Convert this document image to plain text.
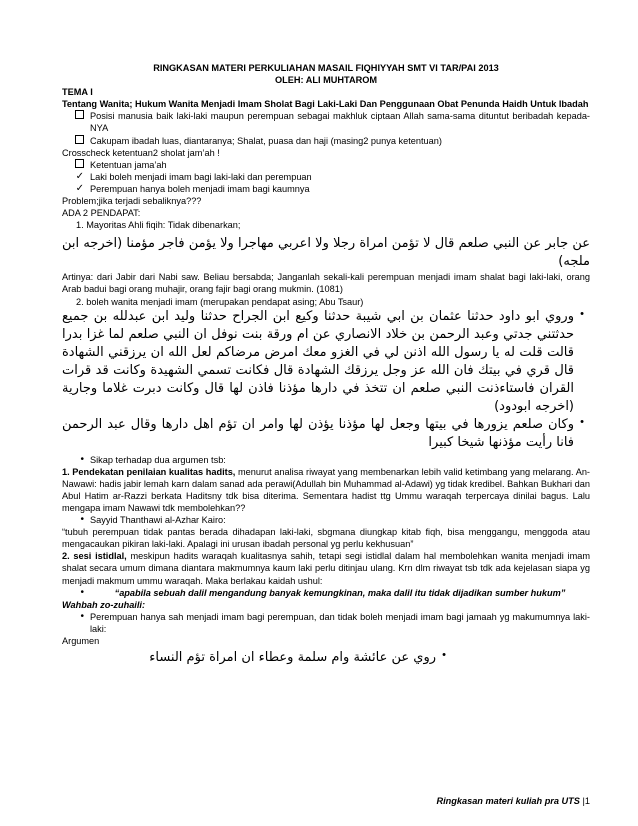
RINGKASAN MATERI PERKULIAHAN MASAIL FIQHIYYAH SMT VI TAR/PAI 2013
OLEH: ALI MUHTAROM
TEMA I
Tentang Wanita; Hukum Wanita Menjadi Imam Sholat Bagi Laki-Laki Dan Penggunaan Obat Penunda Haidh Untuk Ibadah
Posisi manusia baik laki-laki maupun perempuan sebagai makhluk ciptaan Allah sama-sama dituntut beribadah kepada-NYA
Cakupam ibadah luas, diantaranya; Shalat, puasa dan haji (masing2 punya ketentuan)
Crosscheck ketentuan2 sholat jam’ah !
Ketentuan jama’ah
✓ Laki boleh menjadi imam bagi laki-laki dan perempuan
✓ Perempuan hanya boleh menjadi imam bagi kaumnya
Problem;jika terjadi sebaliknya???
ADA 2 PENDAPAT:
1. Mayoritas Ahli fiqih: Tidak dibenarkan;
عن جابر عن النبي صلعم قال لا تؤمن امراة رجلا ولا اعربي مهاجرا ولا يؤمن فاجر مؤمنا (اخرجه ابن ملجه)
Artinya: dari Jabir dari Nabi saw. Beliau bersabda; Janganlah sekali-kali perempuan menjadi imam shalat bagi laki-laki, orang Arab badui bagi orang muhajir, orang fajir bagi orang mukmin. (1081)
2. boleh wanita menjadi imam (merupakan pendapat asing; Abu Tsaur)
•
وروي ابو داود حدثنا عثمان بن ابي شيبة حدثنا وكيع ابن الجراح حدثنا وليد ابن عبدلله بن جميع حدثتني جدتي وعبد الرحمن بن خلاد الانصاري عن ام ورقة بنت نوفل ان النبي صلعم لما غزا بدرا قالت قلت له يا رسول الله اذنن لي في الغزو معك امرض مرضاكم لعل الله ان يرزقني الشهادة قال قري في بيتك فان الله عز وجل يرزقك الشهادة قال فكانت تسمي الشهيدة وكانت قد قرات القران فاستاءذنت النبي صلعم ان تتخذ في دارها مؤذنا فاذن لها قال وكانت دبرت غلاما وجارية (اخرجه ابودود)
•
وكان صلعم يزورها في بيتها وجعل لها مؤذنا يؤذن لها وامر ان تؤم اهل دارها وقال عبد الرحمن فانا رأيت مؤذنها شيخا كبيرا
• Sikap terhadap dua argumen tsb:
1. Pendekatan penilaian kualitas hadits, menurut analisa riwayat yang membenarkan lebih valid ketimbang yang melarang. An-Nawawi: hadis jabir lemah karn dalam sanad ada perawi(Adullah bin Muhammad al-Adawi) yg tidak kredibel. Bahkan Bukhari dan Abul Hatim ar-Razzi berkata Haditsny tdk bisa diterima. Sementara hadist ttg Ummu waraqah terpercaya dinilai bagus. Lalu mengapa imam Nawawi tdk membolehkan??
• Sayyid Thanthawi al-Azhar Kairo:
“tubuh perempuan tidak pantas berada dihadapan laki-laki, sbgmana diungkap kitab fiqh, bisa menggangu, menggoda atau mengacaukan pikiran laki-laki. Apalagi ini urusan ibadah personal yg perlu kekhusuan”
2. sesi istidlal, meskipun hadits waraqah kualitasnya sahih, tetapi segi istidlal dalam hal membolehkan wanita menjadi imam shalat secara umum dimana diantara makmumnya kaum laki perlu ditinjau ulang. Krn dlm riwayat tsb tdk ada kejelasan siapa yg menjadi makmum ummu waraqah. Maka berlakau kaidah ushul:
•	“apabila sebuah dalil mengandung banyak kemungkinan, maka dalil itu tidak dijadikan sumber hukum”
Wahbah zo-zuhaili:
• Perempuan hanya sah menjadi imam bagi perempuan, dan tidak boleh menjadi imam bagi jamaah yg makumumnya laki-laki:
Argumen
•
روي عن عائشة وام سلمة وعطاء ان امراة تؤم النساء
Ringkasan materi kuliah pra UTS |1
